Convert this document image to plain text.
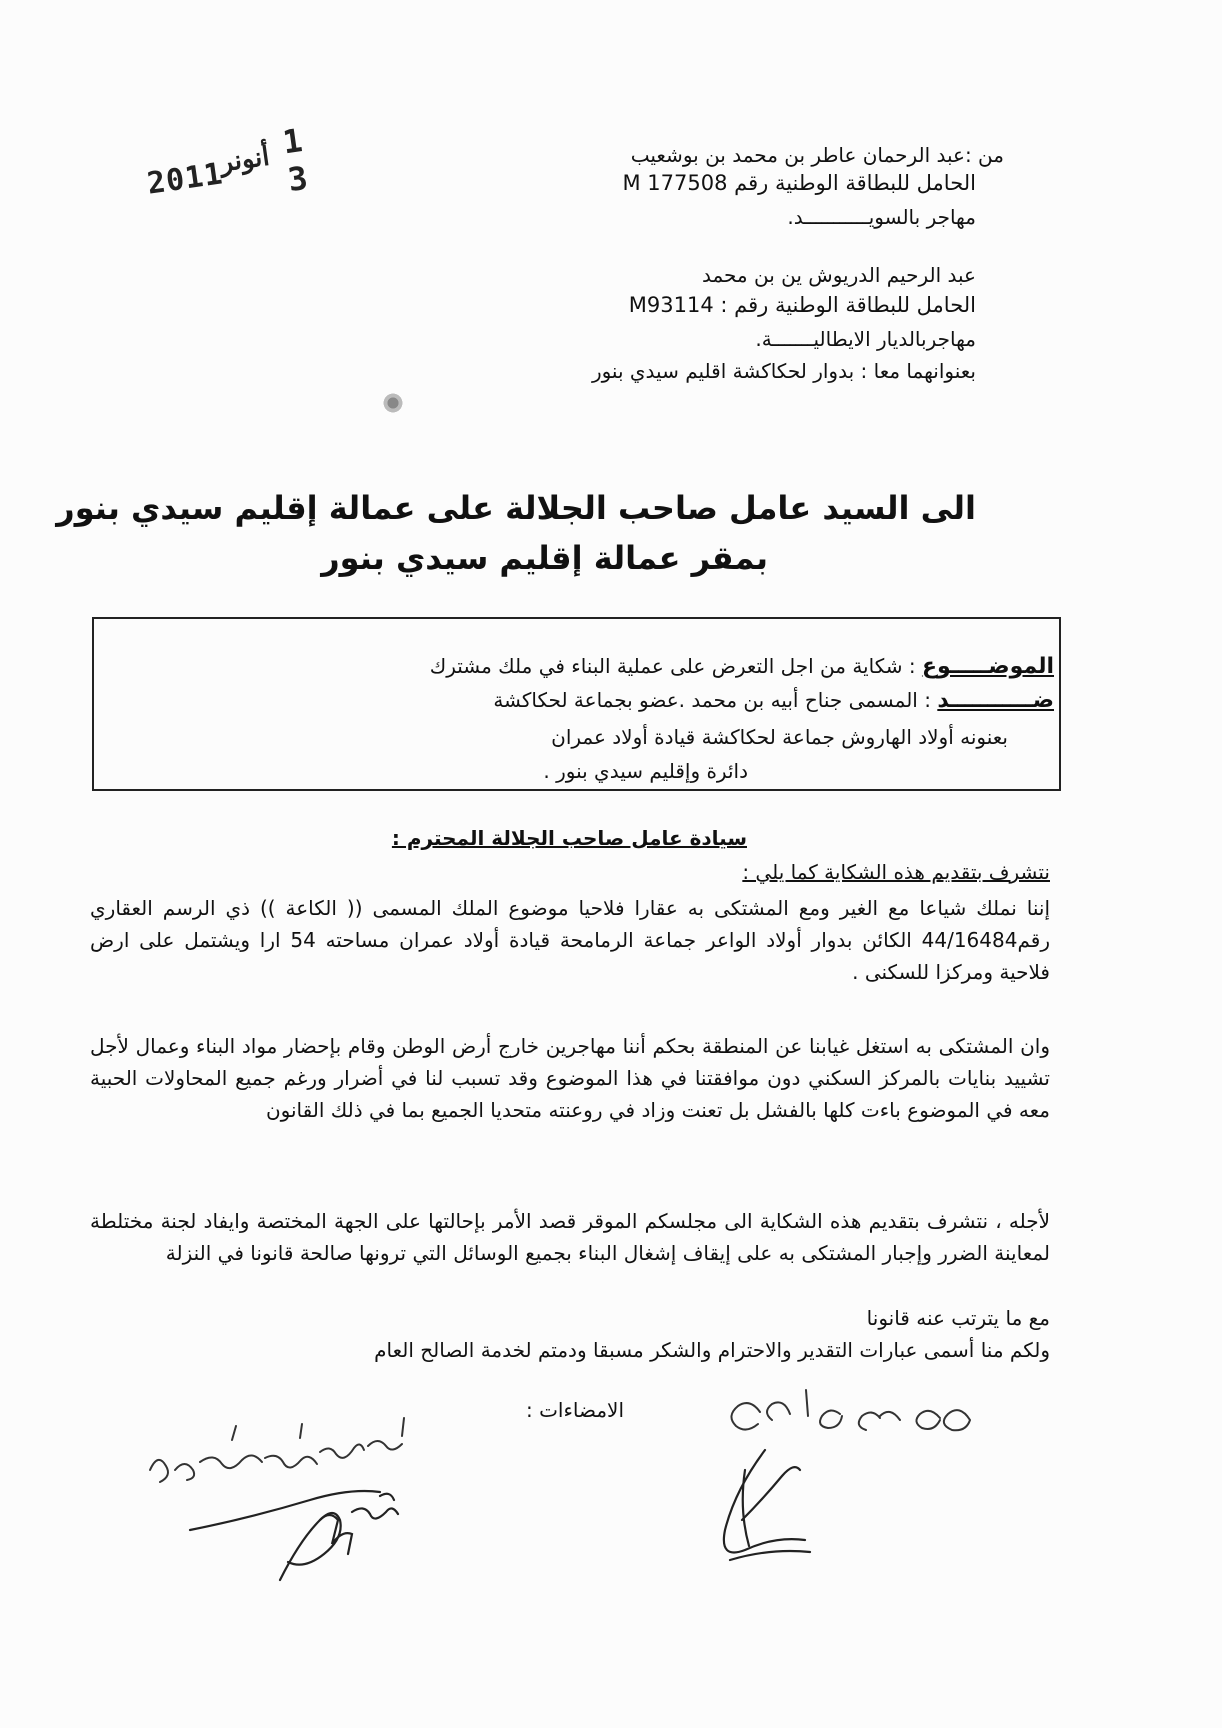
2011
أنونر 1 3
من :عبد الرحمان عاطر بن محمد بن بوشعيب
الحامل للبطاقة الوطنية رقم M 177508
مهاجر بالسويـــــــــــد.
عبد الرحيم الدريوش ين بن محمد
الحامل للبطاقة الوطنية رقم : M93114
مهاجربالديار الايطاليـــــــة.
بعنوانهما معا : بدوار لحكاكشة اقليم سيدي بنور
الى السيد عامل صاحب الجلالة على عمالة إقليم سيدي بنور
بمقر عمالة إقليم سيدي بنور
الموضـــــوع : شكاية من اجل التعرض على عملية البناء في ملك مشترك
ضـــــــــــد : المسمى جناح أبيه بن محمد .عضو بجماعة لحكاكشة
بعنونه أولاد الهاروش جماعة لحكاكشة قيادة أولاد عمران
دائرة وإقليم سيدي بنور .
سيادة عامل صاحب الجلالة المحترم :
نتشرف بتقديم هذه الشكاية كما يلي :
إننا نملك شياعا مع الغير ومع المشتكى به عقارا فلاحيا موضوع الملك المسمى (( الكاعة )) ذي الرسم العقاري رقم44/16484 الكائن بدوار أولاد الواعر جماعة الرمامحة قيادة أولاد عمران مساحته 54 ارا ويشتمل على ارض فلاحية ومركزا للسكنى .
وان المشتكى به استغل غيابنا عن المنطقة بحكم أننا مهاجرين خارج أرض الوطن وقام بإحضار مواد البناء وعمال لأجل تشييد بنايات بالمركز السكني دون موافقتنا في هذا الموضوع وقد تسبب لنا في أضرار ورغم جميع المحاولات الحبية معه في الموضوع باءت كلها بالفشل بل تعنت وزاد في روعنته متحديا الجميع بما في ذلك القانون
لأجله ، نتشرف بتقديم هذه الشكاية الى مجلسكم الموقر قصد الأمر بإحالتها على الجهة المختصة وايفاد لجنة مختلطة لمعاينة الضرر وإجبار المشتكى به على إيقاف إشغال البناء بجميع الوسائل التي ترونها صالحة قانونا في النزلة
مع ما يترتب عنه قانونا
ولكم منا أسمى عبارات التقدير والاحترام والشكر مسبقا ودمتم لخدمة الصالح العام
الامضاءات :
